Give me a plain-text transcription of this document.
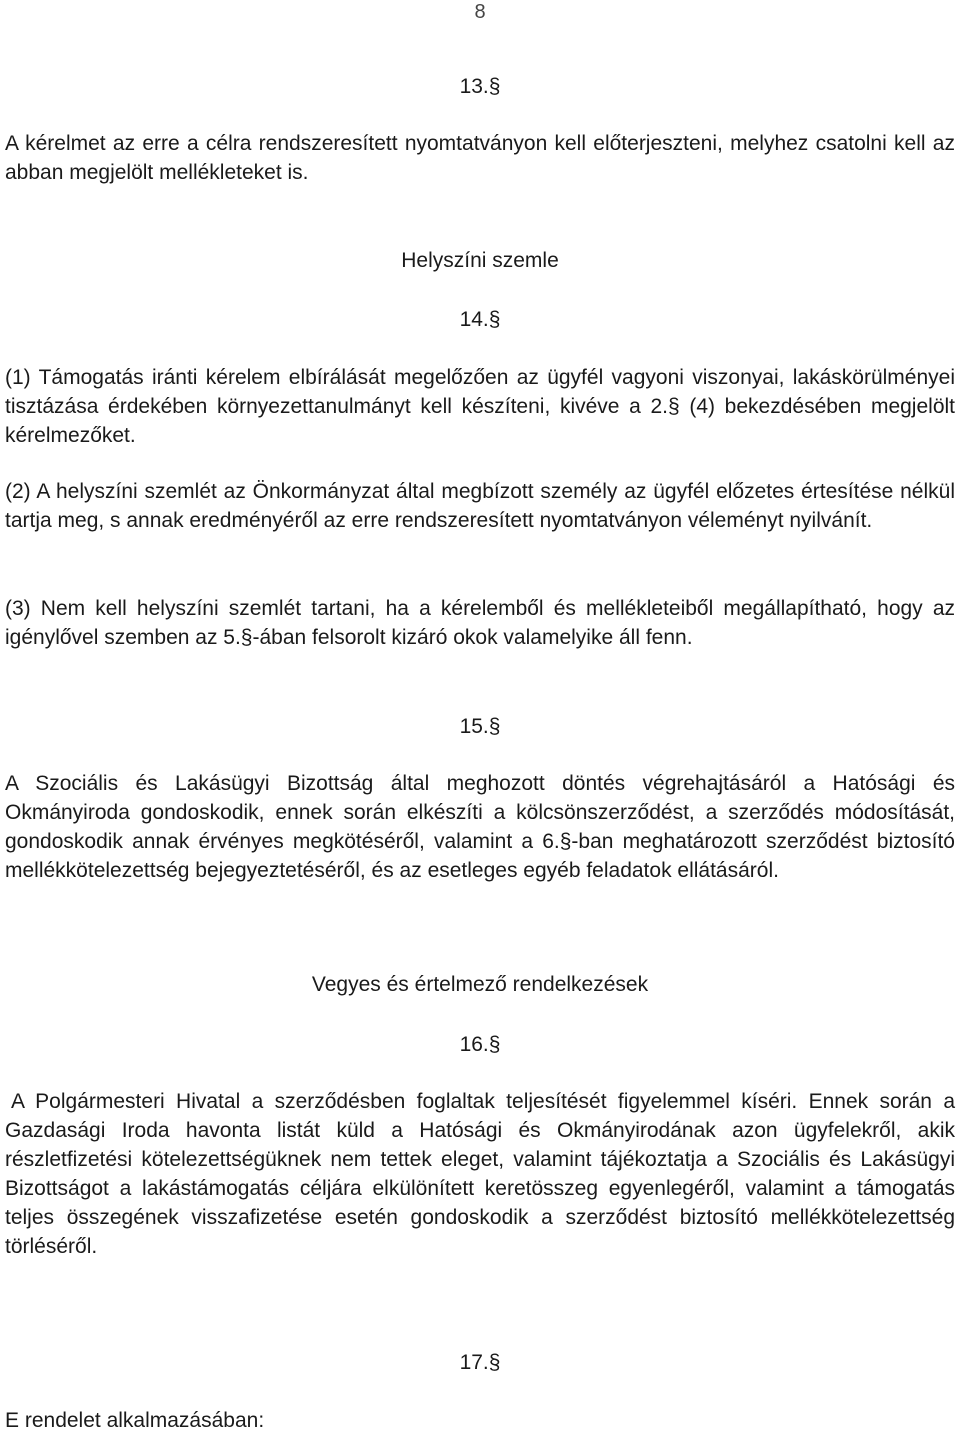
8
13.§

A kérelmet az erre a célra rendszeresített nyomtatványon kell előterjeszteni, melyhez csatolni kell az abban megjelölt mellékleteket is.

Helyszíni szemle
14.§

(1) Támogatás iránti kérelem elbírálását megelőzően az ügyfél vagyoni viszonyai, lakáskörülményei tisztázása érdekében környezettanulmányt kell készíteni, kivéve a 2.§ (4) bekezdésében megjelölt kérelmezőket.

(2) A helyszíni szemlét az Önkormányzat által megbízott személy az ügyfél előzetes értesítése nélkül tartja meg, s annak eredményéről az erre rendszeresített nyomtatványon véleményt nyilvánít.

(3) Nem kell helyszíni szemlét tartani, ha a kérelemből és mellékleteiből megállapítható, hogy az igénylővel szemben az 5.§-ában felsorolt kizáró okok valamelyike áll fenn.

15.§

A Szociális és Lakásügyi Bizottság által meghozott döntés végrehajtásáról a Hatósági és Okmányiroda gondoskodik, ennek során elkészíti a kölcsönszerződést, a szerződés módosítását, gondoskodik annak érvényes megkötéséről, valamint a 6.§-ban meghatározott szerződést biztosító mellékkötelezettség bejegyeztetéséről, és az esetleges egyéb feladatok ellátásáról.

Vegyes és értelmező rendelkezések
16.§

A Polgármesteri Hivatal a szerződésben foglaltak teljesítését figyelemmel kíséri. Ennek során a Gazdasági Iroda havonta listát küld a Hatósági és Okmányirodának azon ügyfelekről, akik részletfizetési kötelezettségüknek nem tettek eleget, valamint tájékoztatja a Szociális és Lakásügyi Bizottságot a lakástámogatás céljára elkülönített keretösszeg egyenlegéről, valamint a támogatás teljes összegének visszafizetése esetén gondoskodik a szerződést biztosító mellékkötelezettség törléséről.

17.§

E rendelet alkalmazásában:
